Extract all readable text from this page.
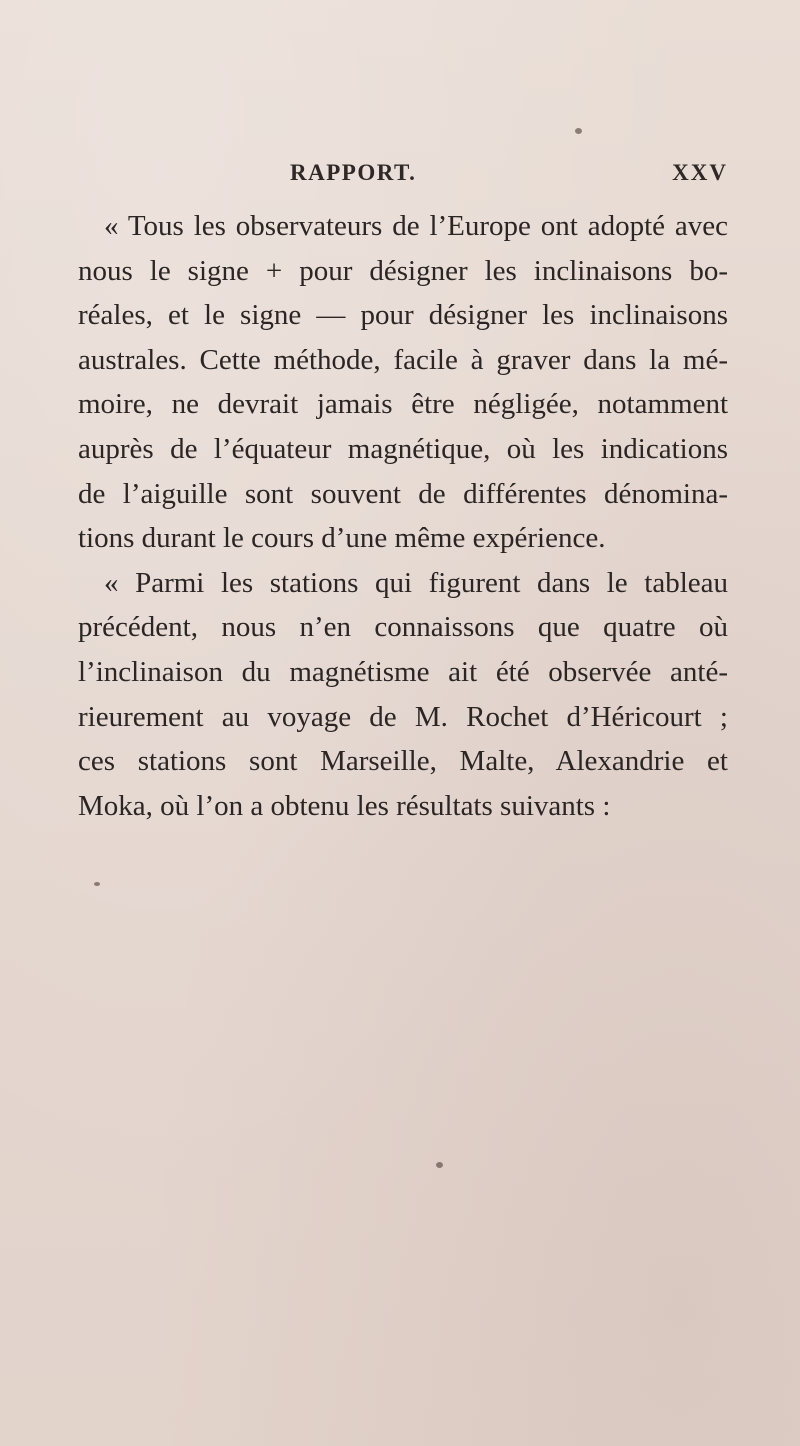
RAPPORT.	XXV
« Tous les observateurs de l’Europe ont adopté avec
nous le signe + pour désigner les inclinaisons bo-
réales, et le signe — pour désigner les inclinaisons
australes. Cette méthode, facile à graver dans la mé-
moire, ne devrait jamais être négligée, notamment
auprès de l’équateur magnétique, où les indications
de l’aiguille sont souvent de différentes dénomina-
tions durant le cours d’une même expérience.
« Parmi les stations qui figurent dans le tableau
précédent, nous n’en connaissons que quatre où
l’inclinaison du magnétisme ait été observée anté-
rieurement au voyage de M. Rochet d’Héricourt ;
ces stations sont Marseille, Malte, Alexandrie et
Moka, où l’on a obtenu les résultats suivants :
